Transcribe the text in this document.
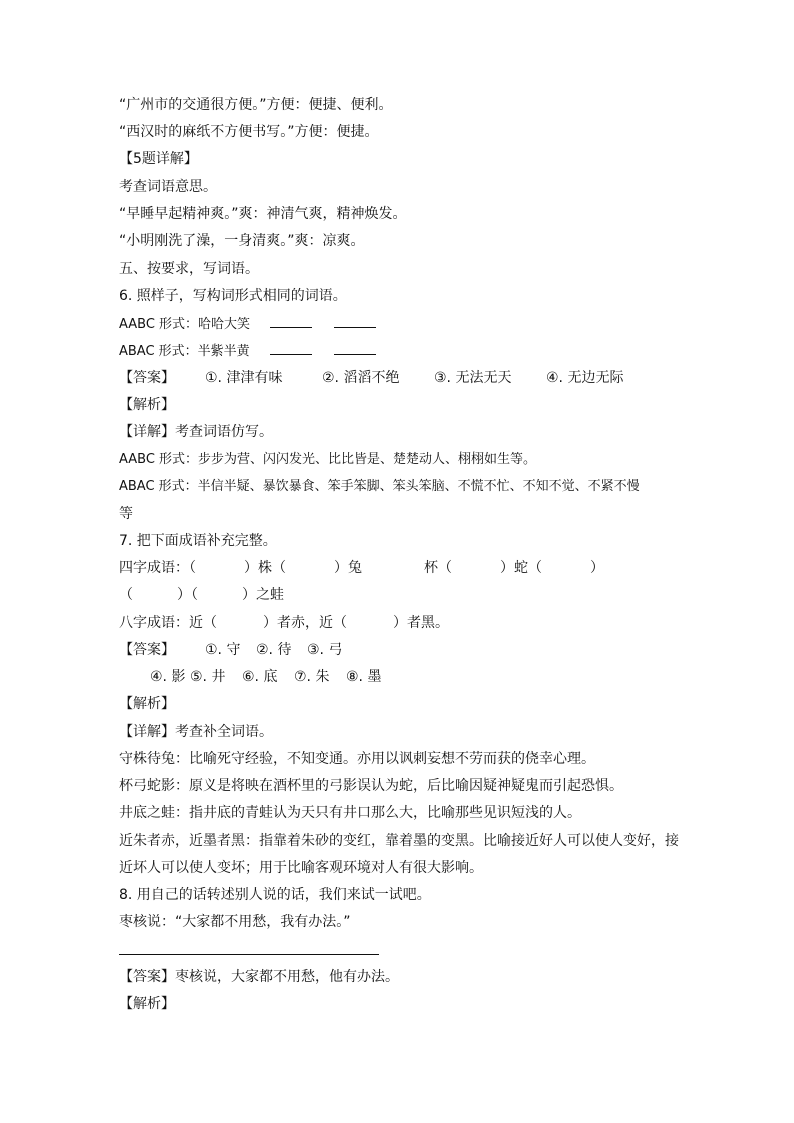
“广州市的交通很方便。”方便：便捷、便利。
“西汉时的麻纸不方便书写。”方便：便捷。
【5题详解】
考查词语意思。
“早睡早起精神爽。”爽：神清气爽，精神焕发。
“小明刚洗了澡，一身清爽。”爽：凉爽。
五、按要求，写词语。
6. 照样子，写构词形式相同的词语。
AABC 形式：哈哈大笑
ABAC 形式：半紫半黄
【答案】 ①. 津津有味	②. 滔滔不绝 ③. 无法无天 ④. 无边无际
【解析】
【详解】考查词语仿写。
AABC 形式：步步为营、闪闪发光、比比皆是、楚楚动人、栩栩如生等。
ABAC 形式：半信半疑、暴饮暴食、笨手笨脚、笨头笨脑、不慌不忙、不知不觉、不紧不慢
等
7. 把下面成语补充完整。
四字成语：（	）株（	）兔	杯（	）蛇（	）
（	）（	）之蛙
八字成语：近（	）者赤，近（	）者黑。
【答案】 ①. 守 ②. 待 ③. 弓
④. 影 ⑤. 井 ⑥. 底 ⑦. 朱 ⑧. 墨
【解析】
【详解】考查补全词语。
守株待兔：比喻死守经验，不知变通。亦用以讽刺妄想不劳而获的侥幸心理。
杯弓蛇影：原义是将映在酒杯里的弓影误认为蛇，后比喻因疑神疑鬼而引起恐惧。
井底之蛙：指井底的青蛙认为天只有井口那么大，比喻那些见识短浅的人。
近朱者赤，近墨者黑：指靠着朱砂的变红，靠着墨的变黑。比喻接近好人可以使人变好，接
近坏人可以使人变坏；用于比喻客观环境对人有很大影响。
8. 用自己的话转述别人说的话，我们来试一试吧。
枣核说：“大家都不用愁，我有办法。”
【答案】枣核说，大家都不用愁，他有办法。
【解析】
